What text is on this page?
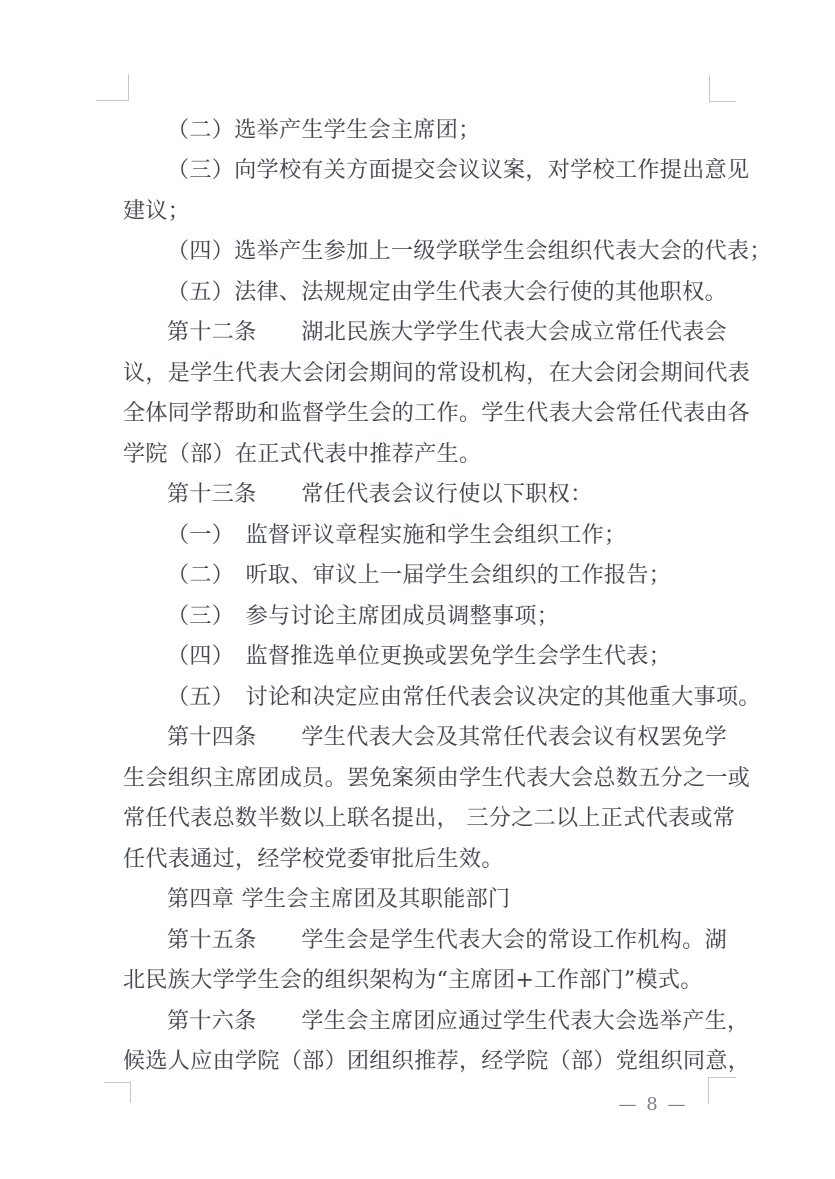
（二）选举产生学生会主席团；
（三）向学校有关方面提交会议议案，对学校工作提出意见
建议；
（四）选举产生参加上一级学联学生会组织代表大会的代表；
（五）法律、法规规定由学生代表大会行使的其他职权。
第十二条　　湖北民族大学学生代表大会成立常任代表会
议，是学生代表大会闭会期间的常设机构，在大会闭会期间代表
全体同学帮助和监督学生会的工作。学生代表大会常任代表由各
学院（部）在正式代表中推荐产生。
第十三条　　常任代表会议行使以下职权：
（一）　监督评议章程实施和学生会组织工作；
（二）　听取、审议上一届学生会组织的工作报告；
（三）　参与讨论主席团成员调整事项；
（四）　监督推选单位更换或罢免学生会学生代表；
（五）　讨论和决定应由常任代表会议决定的其他重大事项。
第十四条　　学生代表大会及其常任代表会议有权罢免学
生会组织主席团成员。罢免案须由学生代表大会总数五分之一或
常任代表总数半数以上联名提出， 三分之二以上正式代表或常
任代表通过，经学校党委审批后生效。
第四章 学生会主席团及其职能部门
第十五条　　学生会是学生代表大会的常设工作机构。湖
北民族大学学生会的组织架构为“主席团+工作部门”模式。
第十六条　　学生会主席团应通过学生代表大会选举产生，
候选人应由学院（部）团组织推荐，经学院（部）党组织同意，
— 8 —
